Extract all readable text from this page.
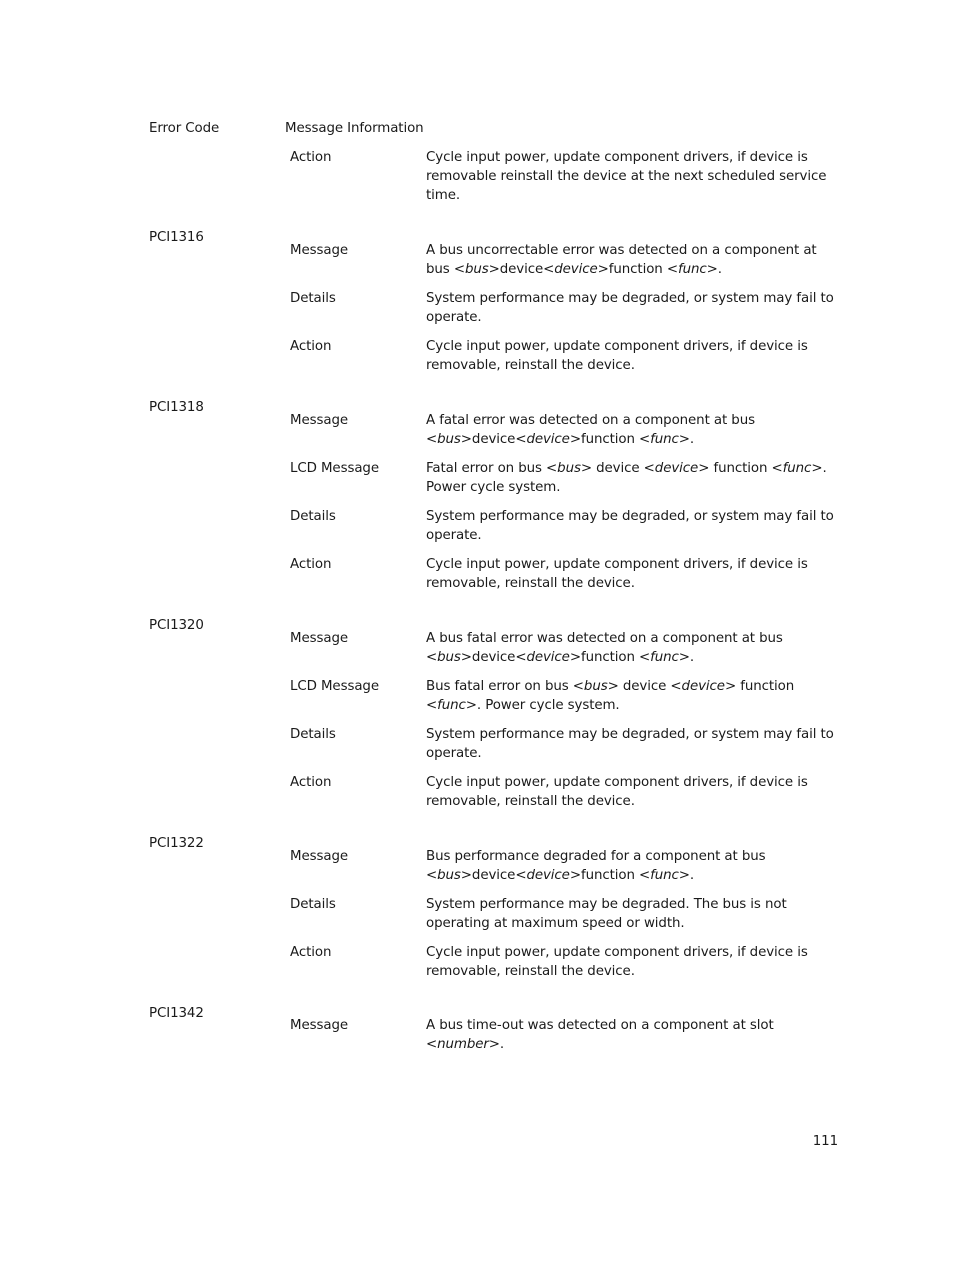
Error Code	Message Information
Action	Cycle input power, update component drivers, if device is removable reinstall the device at the next scheduled service time.
PCI1316
Message	A bus uncorrectable error was detected on a component at bus <bus>device<device>function <func>.
Details	System performance may be degraded, or system may fail to operate.
Action	Cycle input power, update component drivers, if device is removable, reinstall the device.
PCI1318
Message	A fatal error was detected on a component at bus <bus>device<device>function <func>.
LCD Message	Fatal error on bus <bus> device <device> function <func>. Power cycle system.
Details	System performance may be degraded, or system may fail to operate.
Action	Cycle input power, update component drivers, if device is removable, reinstall the device.
PCI1320
Message	A bus fatal error was detected on a component at bus <bus>device<device>function <func>.
LCD Message	Bus fatal error on bus <bus> device <device> function <func>. Power cycle system.
Details	System performance may be degraded, or system may fail to operate.
Action	Cycle input power, update component drivers, if device is removable, reinstall the device.
PCI1322
Message	Bus performance degraded for a component at bus <bus>device<device>function <func>.
Details	System performance may be degraded. The bus is not operating at maximum speed or width.
Action	Cycle input power, update component drivers, if device is removable, reinstall the device.
PCI1342
Message	A bus time-out was detected on a component at slot <number>.
111
